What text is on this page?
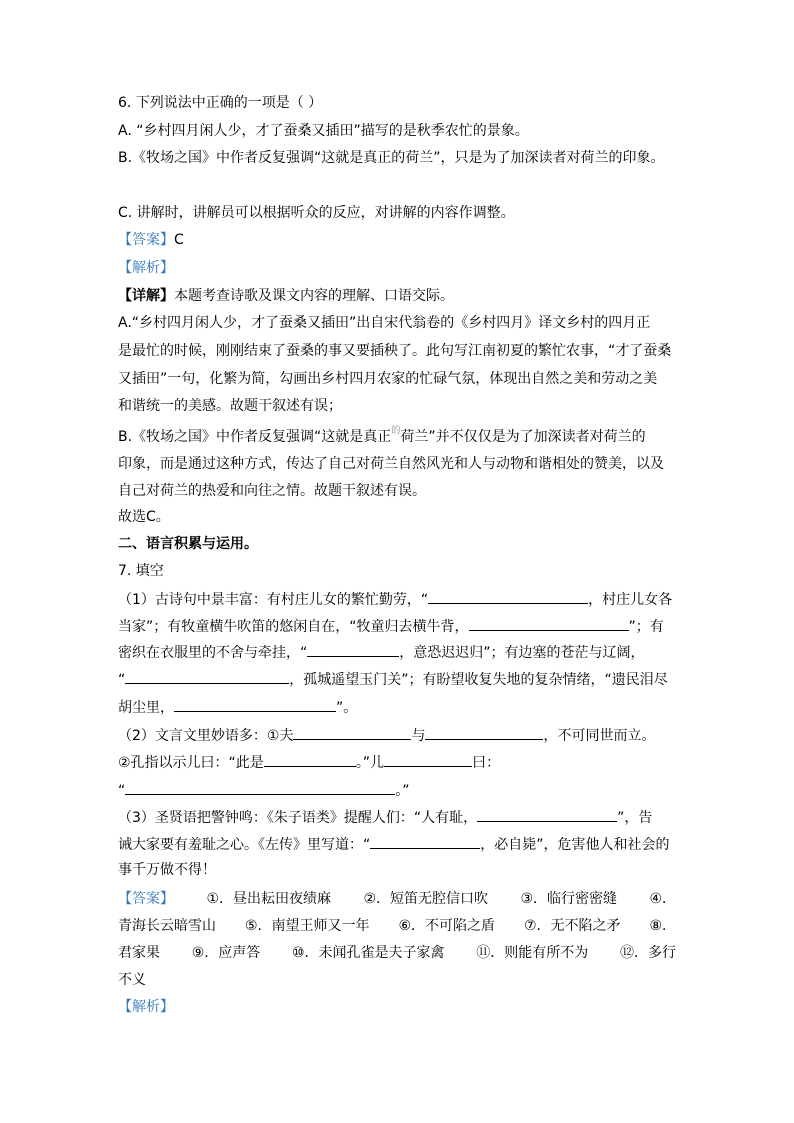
6. 下列说法中正确的一项是（ ）
A. “乡村四月闲人少，才了蚕桑又插田”描写的是秋季农忙的景象。
B.《牧场之国》中作者反复强调“这就是真正的荷兰”，只是为了加深读者对荷兰的印象。
C. 讲解时，讲解员可以根据听众的反应，对讲解的内容作调整。
【答案】C
【解析】
【详解】本题考查诗歌及课文内容的理解、口语交际。
A.“乡村四月闲人少，才了蚕桑又插田”出自宋代翁卷的《乡村四月》译文乡村的四月正
是最忙的时候，刚刚结束了蚕桑的事又要插秧了。此句写江南初夏的繁忙农事，“才了蚕桑
又插田”一句，化繁为简，勾画出乡村四月农家的忙碌气氛，体现出自然之美和劳动之美
和谐统一的美感。故题干叙述有误；
B.《牧场之国》中作者反复强调“这就是真正$^的$荷兰”并不仅仅是为了加深读者对荷兰的
印象，而是通过这种方式，传达了自己对荷兰自然风光和人与动物和谐相处的赞美，以及
自己对荷兰的热爱和向往之情。故题干叙述有误。
故选C。
二、语言积累与运用。
7. 填空
（1）古诗句中景丰富：有村庄儿女的繁忙勤劳，“	，村庄儿女各
当家”；有牧童横牛吹笛的悠闲自在，“牧童归去横牛背，	”；有
密织在衣服里的不舍与牵挂，“	，意恐迟迟归”；有边塞的苍茫与辽阔，
“	，孤城遥望玉门关”；有盼望收复失地的复杂情绪，“遗民泪尽
胡尘里，	”。
（2）文言文里妙语多：①夫	与	，不可同世而立。
②孔指以示儿曰：“此是	。”儿	曰：
“	。”
（3）圣贤语把警钟鸣：《朱子语类》提醒人们：“人有耻，	”，告
诫大家要有羞耻之心。《左传》里写道：“	，必自毙”，危害他人和社会的
事千万做不得！
【答案】 ①．昼出耘田夜绩麻 ②．短笛无腔信口吹 ③．临行密密缝 ④．
青海长云暗雪山 ⑤．南望王师又一年 ⑥．不可陷之盾 ⑦．无不陷之矛 ⑧．
君家果 ⑨．应声答 ⑩．未闻孔雀是夫子家禽 ⑪．则能有所不为 ⑫．多行
不义
【解析】
